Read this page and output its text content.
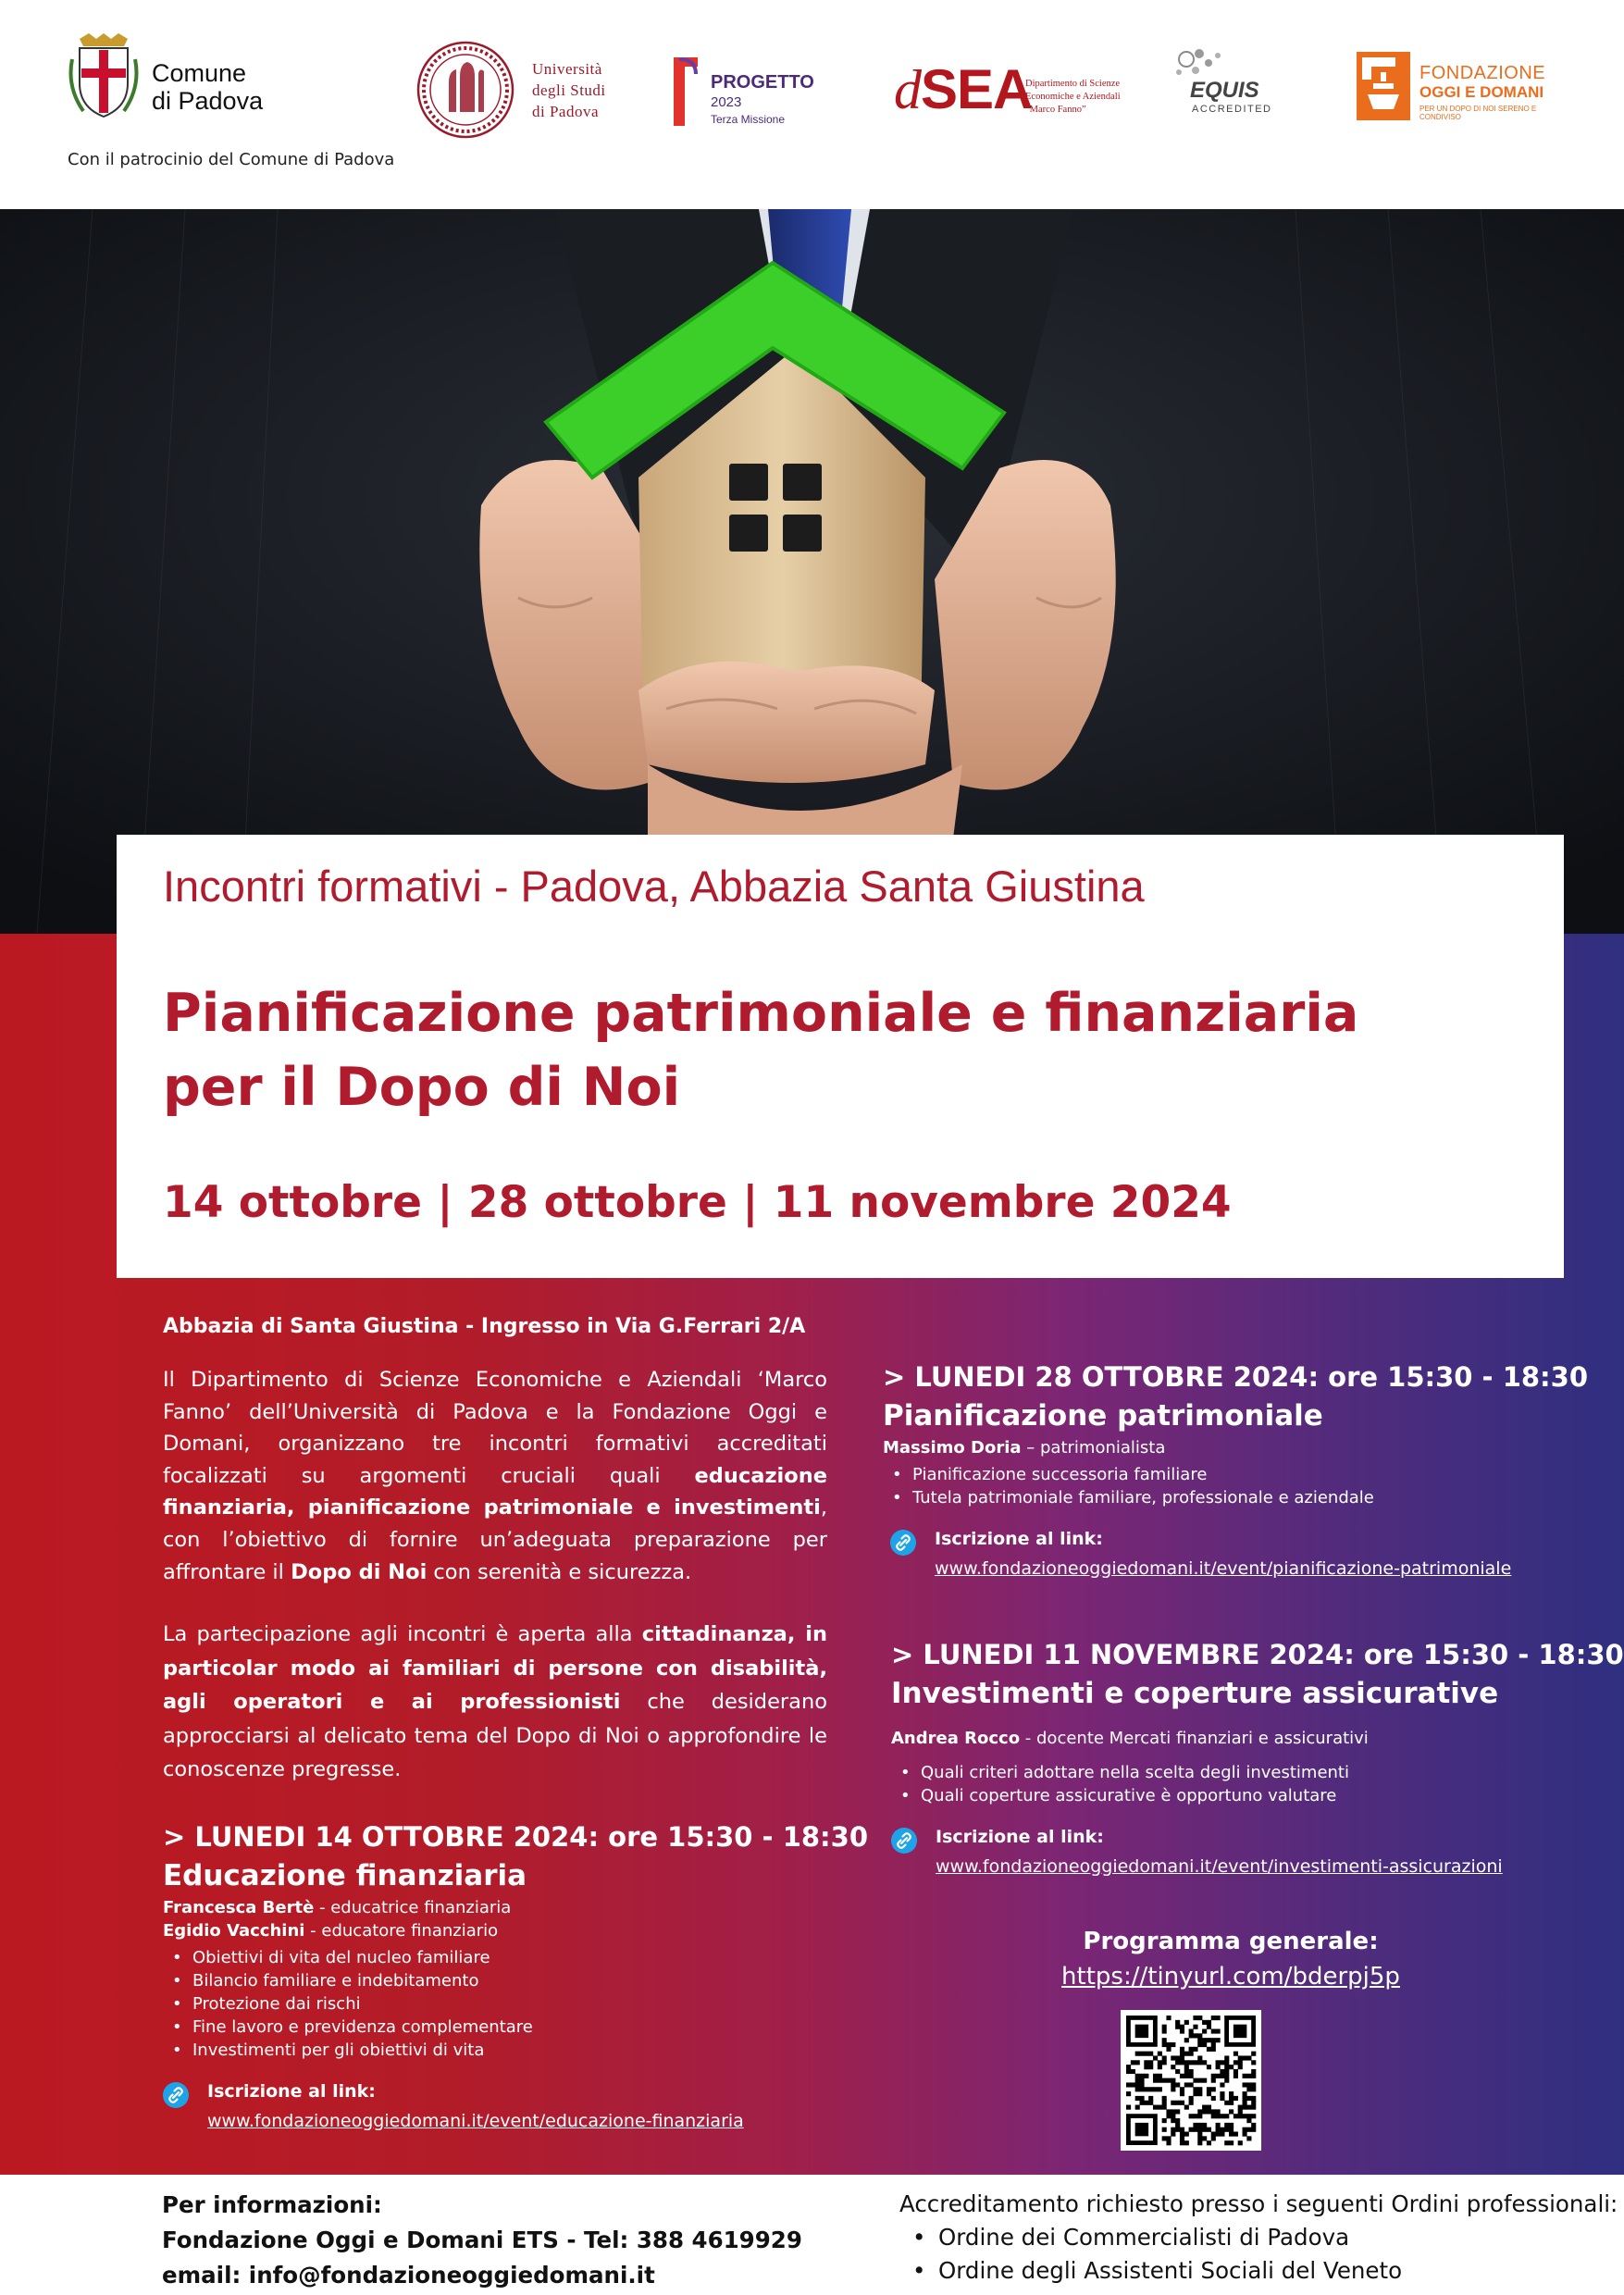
Comune
di Padova
Con il patrocinio del Comune di Padova
Università
degli Studi
di Padova
PROGETTO
2023
Terza Missione dSEA
Dipartimento di Scienze
Economiche e Aziendali
“Marco Fanno”
EQUIS
ACCREDITED
FONDAZIONE
OGGI E DOMANI
PER UN DOPO DI NOI SERENO E CONDIVISO
Incontri formativi - Padova, Abbazia Santa Giustina
Pianificazione patrimoniale e finanziaria
per il Dopo di Noi
14 ottobre | 28 ottobre | 11 novembre 2024
Abbazia di Santa Giustina - Ingresso in Via G.Ferrari 2/A
Il Dipartimento di Scienze Economiche e Aziendali ‘Marco Fanno’ dell’Università di Padova e la Fondazione Oggi e Domani, organizzano tre incontri formativi accreditati focalizzati su argomenti cruciali quali educazione finanziaria, pianificazione patrimoniale e investimenti, con l’obiettivo di fornire un’adeguata preparazione per affrontare il Dopo di Noi con serenità e sicurezza.
La partecipazione agli incontri è aperta alla cittadinanza, in particolar modo ai familiari di persone con disabilità, agli operatori e ai professionisti che desiderano approcciarsi al delicato tema del Dopo di Noi o approfondire le conoscenze pregresse.
> LUNEDI 14 OTTOBRE 2024: ore 15:30 - 18:30
Educazione finanziaria
Francesca Bertè - educatrice finanziaria
Egidio Vacchini - educatore finanziario
• Obiettivi di vita del nucleo familiare
• Bilancio familiare e indebitamento
• Protezione dai rischi
• Fine lavoro e previdenza complementare
• Investimenti per gli obiettivi di vita
Iscrizione al link:
www.fondazioneoggiedomani.it/event/educazione-finanziaria
> LUNEDI 28 OTTOBRE 2024: ore 15:30 - 18:30
Pianificazione patrimoniale
Massimo Doria – patrimonialista
• Pianificazione successoria familiare
• Tutela patrimoniale familiare, professionale e aziendale
Iscrizione al link:
www.fondazioneoggiedomani.it/event/pianificazione-patrimoniale
> LUNEDI 11 NOVEMBRE 2024: ore 15:30 - 18:30
Investimenti e coperture assicurative
Andrea Rocco - docente Mercati finanziari e assicurativi
• Quali criteri adottare nella scelta degli investimenti
• Quali coperture assicurative è opportuno valutare
Iscrizione al link:
www.fondazioneoggiedomani.it/event/investimenti-assicurazioni
Programma generale:
https://tinyurl.com/bderpj5p
Per informazioni:
Fondazione Oggi e Domani ETS - Tel: 388 4619929
email: info@fondazioneoggiedomani.it
Accreditamento richiesto presso i seguenti Ordini professionali:
• Ordine dei Commercialisti di Padova
• Ordine degli Assistenti Sociali del Veneto
